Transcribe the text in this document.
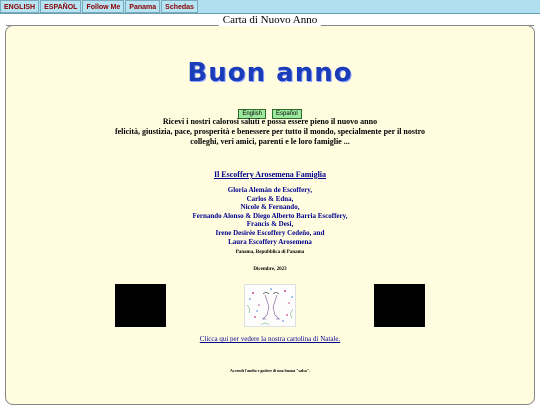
ENGLISH	ESPAÑOL	Follow Me	Panama	Schedas
Carta di Nuovo Anno
Buon anno
English Español
Ricevi i nostri calorosi saluti e possa essere pieno il nuovo anno
felicità, giustizia, pace, prosperità e benessere per tutto il mondo, specialmente per il nostro
colleghi, veri amici, parenti e le loro famiglie ...
Il Escoffery Arosemena Famiglia
Gloria Alemán de Escoffery,
Carlos & Edna,
Nicole & Fernando,
Fernando Alonso & Diego Alberto Barria Escoffery,
Francis & Desi,
Irene Desirée Escoffery Cedeño, and
Laura Escoffery Arosemena
Panama, Repubblica di Panama
Dicembre, 2023
Clicca qui per vedere la nostra cartolina di Natale.
Accendi l'audio e godere di una buona "salsa".
